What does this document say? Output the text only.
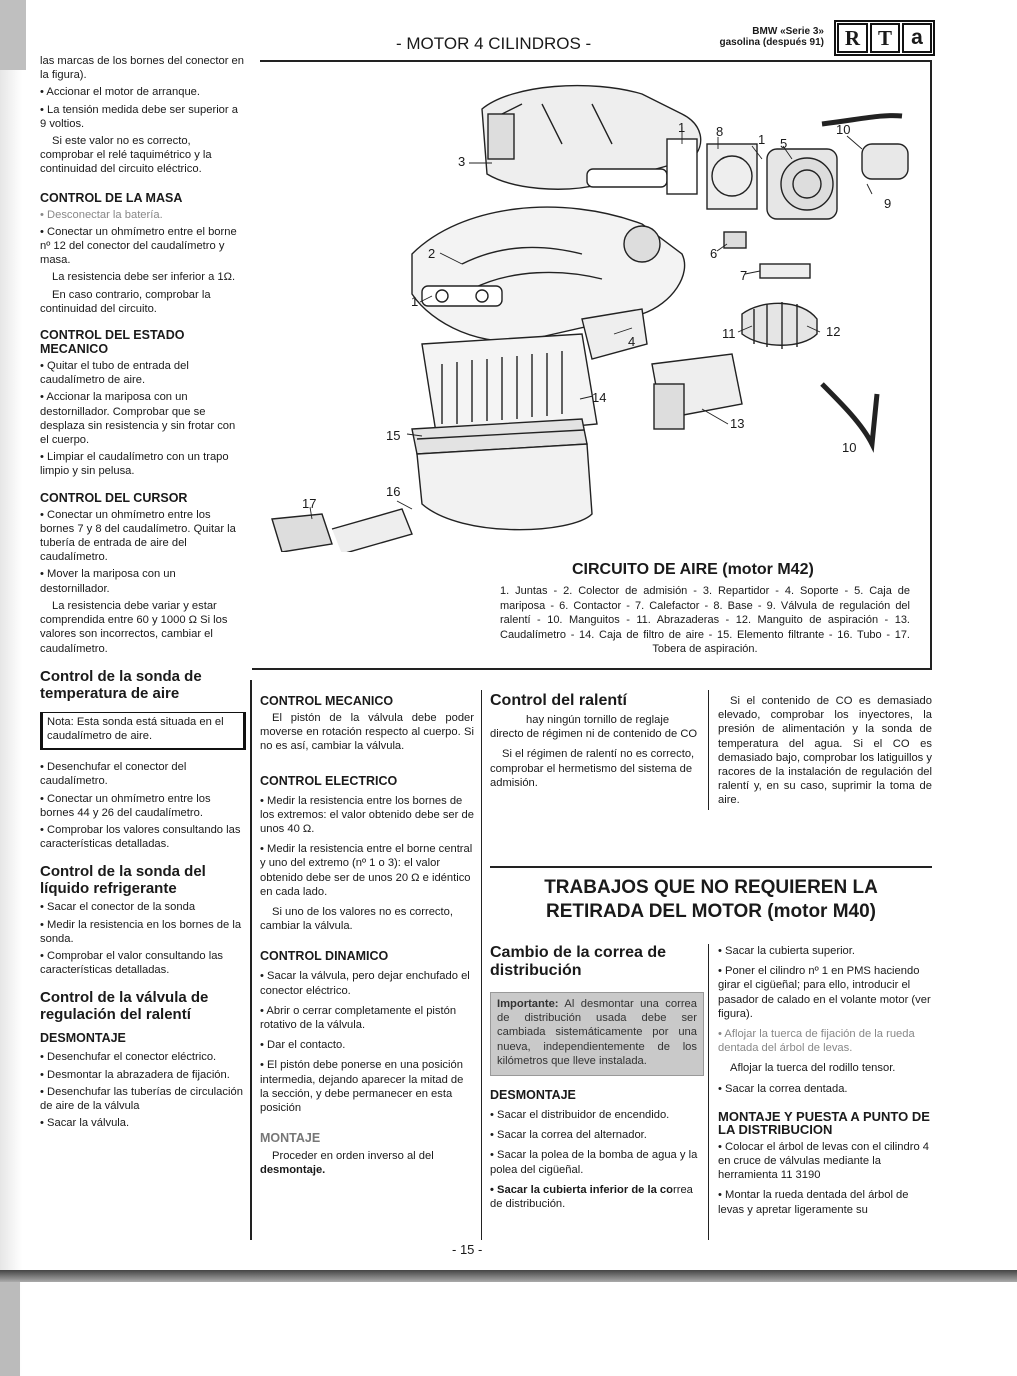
- MOTOR 4 CILINDROS -
BMW «Serie 3»
gasolina (después 91) R T a

las marcas de los bornes del conector en la figura).

• Accionar el motor de arranque.

• La tensión medida debe ser superior a 9 voltios.

Si este valor no es correcto, comprobar el relé taquimétrico y la continuidad del circuito eléctrico.

CONTROL DE LA MASA

• Desconectar la batería.

• Conectar un ohmímetro entre el borne nº 12 del conector del caudalímetro y masa.

La resistencia debe ser inferior a 1Ω.

En caso contrario, comprobar la continuidad del circuito.

CONTROL DEL ESTADO MECANICO

• Quitar el tubo de entrada del caudalímetro de aire.

• Accionar la mariposa con un destornillador. Comprobar que se desplaza sin resistencia y sin frotar con el cuerpo.

• Limpiar el caudalímetro con un trapo limpio y sin pelusa.

CONTROL DEL CURSOR

• Conectar un ohmímetro entre los bornes 7 y 8 del caudalímetro. Quitar la tubería de entrada de aire del caudalímetro.

• Mover la mariposa con un destornillador.

La resistencia debe variar y estar comprendida entre 60 y 1000 Ω Si los valores son incorrectos, cambiar el caudalímetro.

Control de la sonda de temperatura de aire

Nota: Esta sonda está situada en el caudalímetro de aire.

• Desenchufar el conector del caudalímetro.

• Conectar un ohmímetro entre los bornes 44 y 26 del caudalímetro.

• Comprobar los valores consultando las características detalladas.

Control de la sonda del líquido refrigerante

• Sacar el conector de la sonda

• Medir la resistencia en los bornes de la sonda.

• Comprobar el valor consultando las características detalladas.

Control de la válvula de regulación del ralentí
DESMONTAJE

• Desenchufar el conector eléctrico.

• Desmontar la abrazadera de fijación.

• Desenchufar las tuberías de circulación de aire de la válvula

• Sacar la válvula.

1
1
1
2
3
4
5
6
7
8
9
10
10
11	12
13
14
15
16
17
CIRCUITO DE AIRE (motor M42)
1. Juntas - 2. Colector de admisión - 3. Repartidor - 4. Soporte - 5. Caja de mariposa - 6. Contactor - 7. Calefactor - 8. Base - 9. Válvula de regulación del ralentí - 10. Manguitos - 11. Abrazaderas - 12. Manguito de aspiración - 13. Caudalímetro - 14. Caja de filtro de aire - 15. Elemento filtrante - 16. Tubo - 17. Tobera de aspiración.
CONTROL MECANICO

El pistón de la válvula debe poder moverse en rotación respecto al cuerpo. Si no es así, cambiar la válvula.

CONTROL ELECTRICO

• Medir la resistencia entre los bornes de los extremos: el valor obtenido debe ser de unos 40 Ω.

• Medir la resistencia entre el borne central y uno del extremo (nº 1 o 3): el valor obtenido debe ser de unos 20 Ω e idéntico en cada lado.

Si uno de los valores no es correcto, cambiar la válvula.

CONTROL DINAMICO

• Sacar la válvula, pero dejar enchufado el conector eléctrico.

• Abrir o cerrar completamente el pistón rotativo de la válvula.

• Dar el contacto.

• El pistón debe ponerse en una posición intermedia, dejando aparecer la mitad de la sección, y debe permanecer en esta posición

MONTAJE

Proceder en orden inverso al del desmontaje.

Control del ralentí

hay ningún tornillo de reglaje directo de régimen ni de contenido de CO

Si el régimen de ralentí no es correcto, comprobar el hermetismo del sistema de admisión.

Si el contenido de CO es demasiado elevado, comprobar los inyectores, la presión de alimentación y la sonda de temperatura del agua. Si el CO es demasiado bajo, comprobar los latiguillos y racores de la instalación de regulación del ralentí y, en su caso, suprimir la toma de aire.

TRABAJOS QUE NO REQUIEREN LA
RETIRADA DEL MOTOR (motor M40)
Cambio de la correa de distribución

Importante: Al desmontar una correa de distribución usada debe ser cambiada sistemáticamente por una nueva, independientemente de los kilómetros que lleve instalada.

DESMONTAJE

• Sacar el distribuidor de encendido.

• Sacar la correa del alternador.

• Sacar la polea de la bomba de agua y la polea del cigüeñal.

• Sacar la cubierta inferior de la correa de distribución.

• Sacar la cubierta superior.

• Poner el cilindro nº 1 en PMS haciendo girar el cigüeñal; para ello, introducir el pasador de calado en el volante motor (ver figura).

• Aflojar la tuerca de fijación de la rueda dentada del árbol de levas.

Aflojar la tuerca del rodillo tensor.

• Sacar la correa dentada.

MONTAJE Y PUESTA A PUNTO DE LA DISTRIBUCION

• Colocar el árbol de levas con el cilindro 4 en cruce de válvulas mediante la herramienta 11 3190

• Montar la rueda dentada del árbol de levas y apretar ligeramente su

- 15 -
